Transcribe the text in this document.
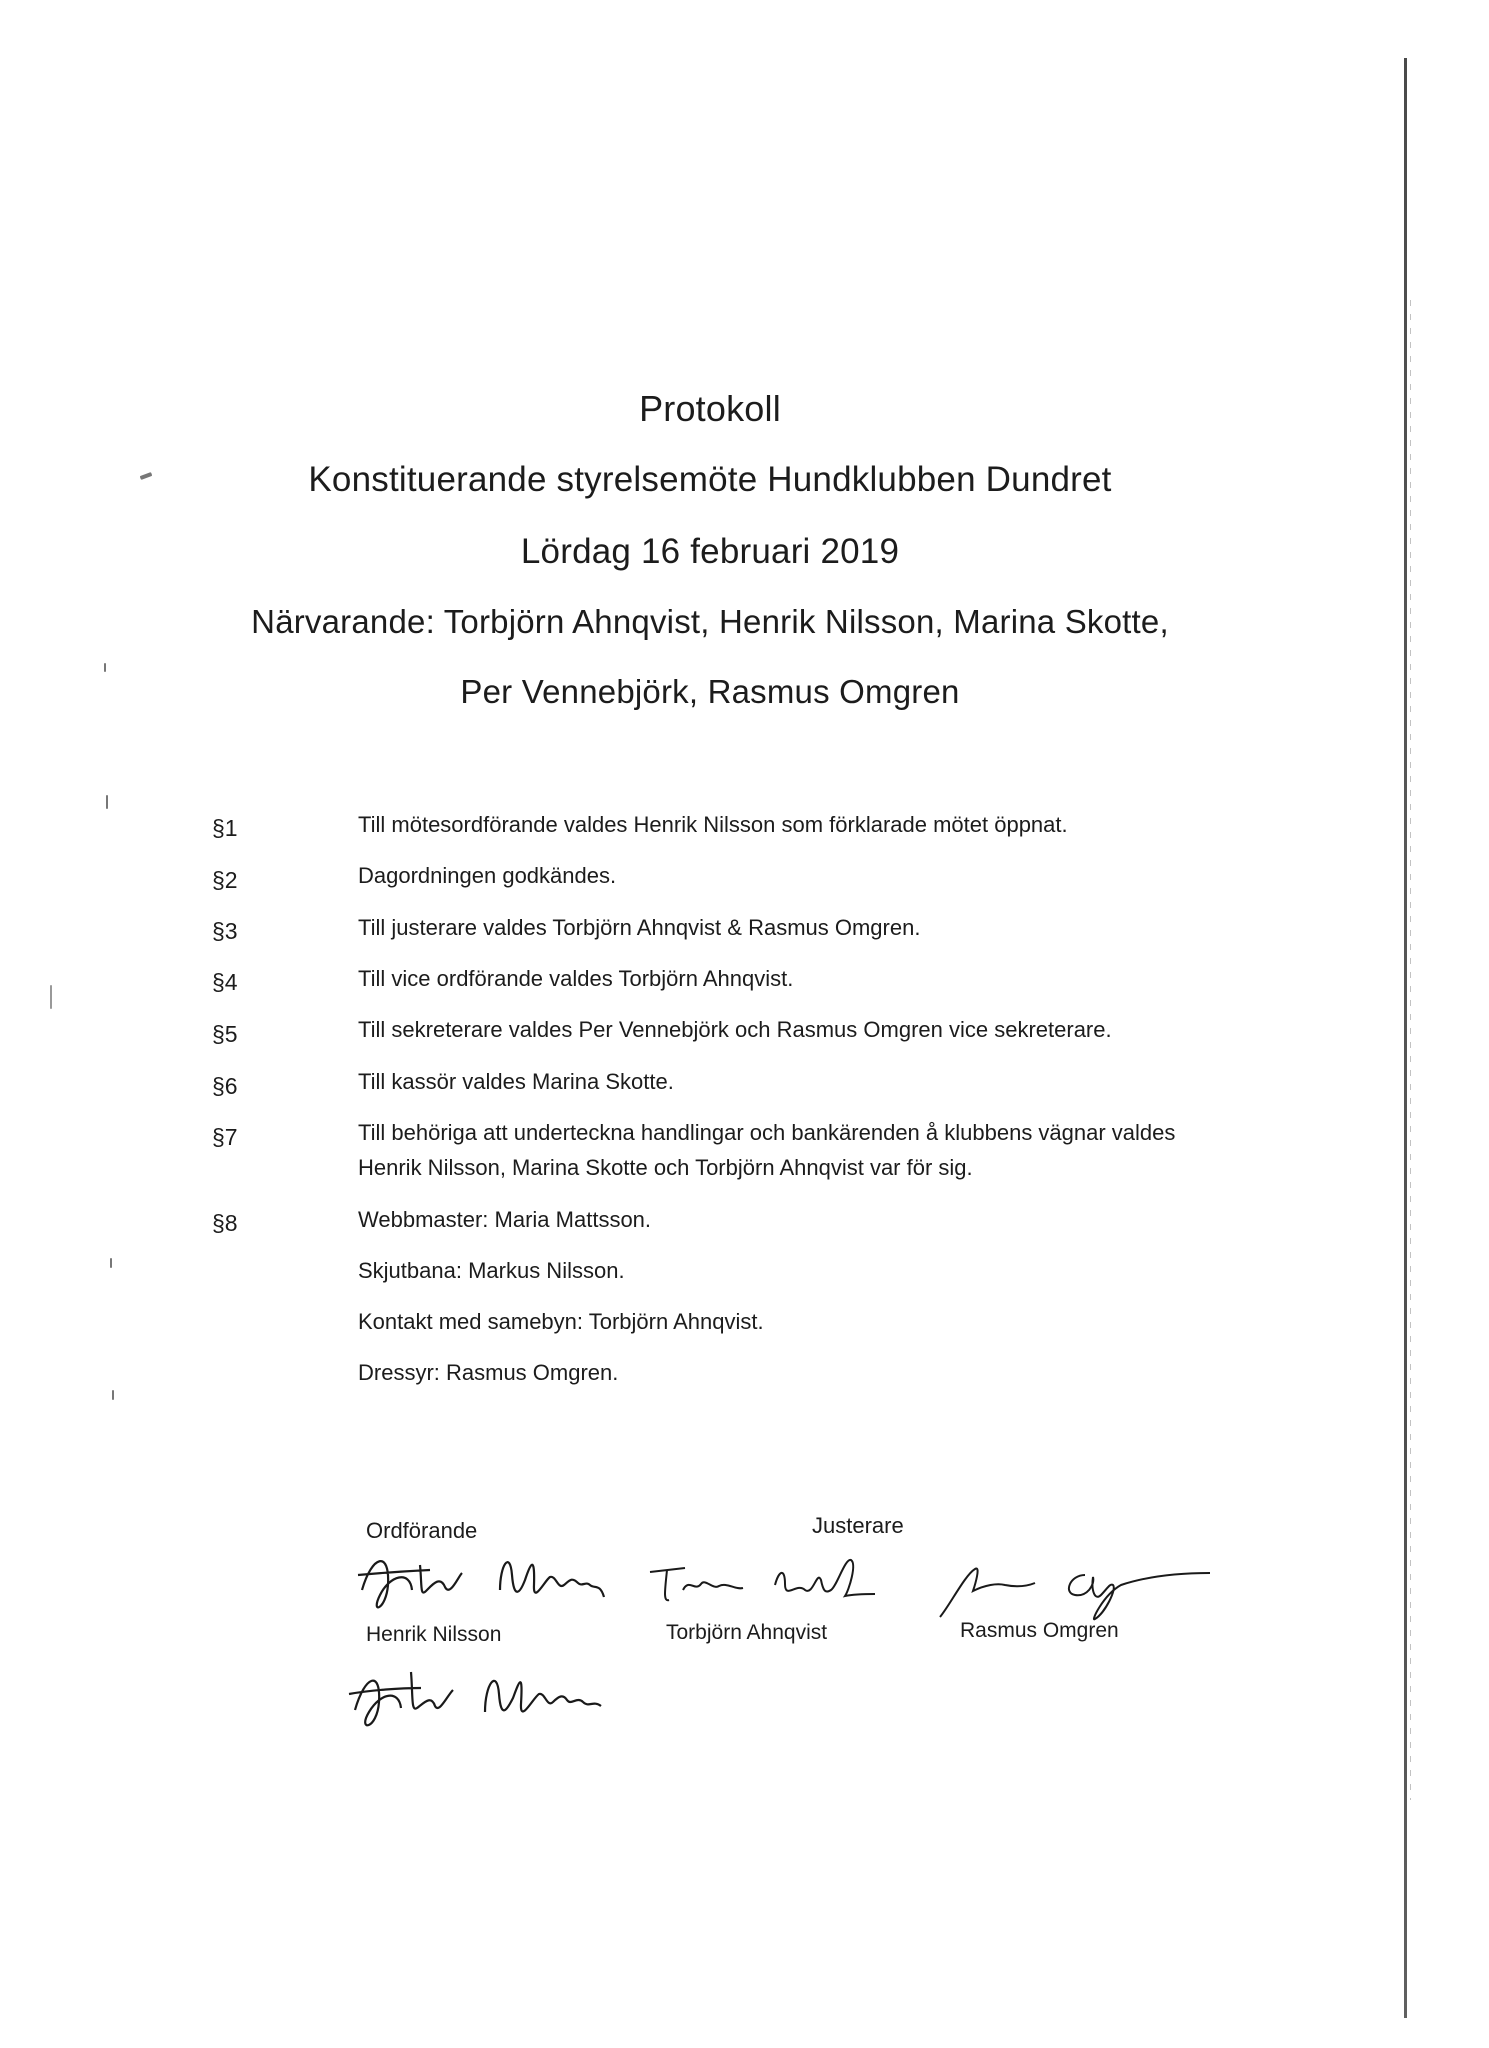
Protokoll
Konstituerande styrelsemöte Hundklubben Dundret
Lördag 16 februari 2019
Närvarande: Torbjörn Ahnqvist, Henrik Nilsson, Marina Skotte,
Per Vennebjörk, Rasmus Omgren
§1	Till mötesordförande valdes Henrik Nilsson som förklarade mötet öppnat.
§2	Dagordningen godkändes.
§3	Till justerare valdes Torbjörn Ahnqvist & Rasmus Omgren.
§4	Till vice ordförande valdes Torbjörn Ahnqvist.
§5	Till sekreterare valdes Per Vennebjörk och Rasmus Omgren vice sekreterare.
§6	Till kassör valdes Marina Skotte.
§7	Till behöriga att underteckna handlingar och bankärenden å klubbens vägnar valdes
Henrik Nilsson, Marina Skotte och Torbjörn Ahnqvist var för sig.
§8	Webbmaster: Maria Mattsson.
Skjutbana: Markus Nilsson.
Kontakt med samebyn: Torbjörn Ahnqvist.
Dressyr: Rasmus Omgren.
Ordförande	Justerare
Henrik Nilsson	Torbjörn Ahnqvist	Rasmus Omgren
